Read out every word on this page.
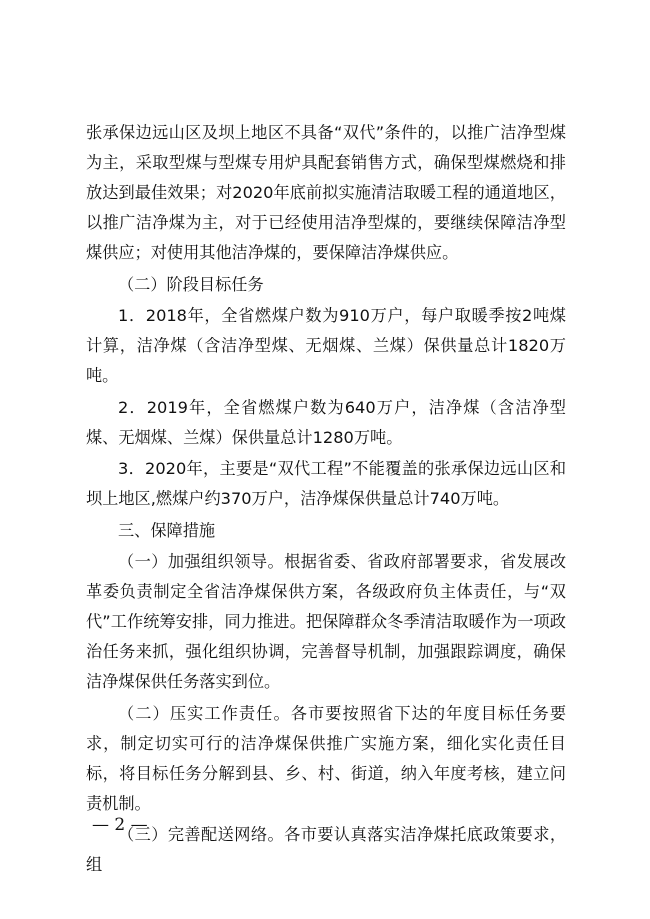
张承保边远山区及坝上地区不具备“双代”条件的，以推广洁净型煤为主，采取型煤与型煤专用炉具配套销售方式，确保型煤燃烧和排放达到最佳效果；对2020年底前拟实施清洁取暖工程的通道地区，以推广洁净煤为主，对于已经使用洁净型煤的，要继续保障洁净型煤供应；对使用其他洁净煤的，要保障洁净煤供应。

（二）阶段目标任务

1．2018年，全省燃煤户数为910万户，每户取暖季按2吨煤计算，洁净煤（含洁净型煤、无烟煤、兰煤）保供量总计1820万吨。

2．2019年，全省燃煤户数为640万户，洁净煤（含洁净型煤、无烟煤、兰煤）保供量总计1280万吨。

3．2020年，主要是“双代工程”不能覆盖的张承保边远山区和坝上地区,燃煤户约370万户，洁净煤保供量总计740万吨。

三、保障措施

（一）加强组织领导。根据省委、省政府部署要求，省发展改革委负责制定全省洁净煤保供方案，各级政府负主体责任，与“双代”工作统筹安排，同力推进。把保障群众冬季清洁取暖作为一项政治任务来抓，强化组织协调，完善督导机制，加强跟踪调度，确保洁净煤保供任务落实到位。

（二）压实工作责任。各市要按照省下达的年度目标任务要求，制定切实可行的洁净煤保供推广实施方案，细化实化责任目标，将目标任务分解到县、乡、村、街道，纳入年度考核，建立问责机制。

（三）完善配送网络。各市要认真落实洁净煤托底政策要求，组

— 2 —
